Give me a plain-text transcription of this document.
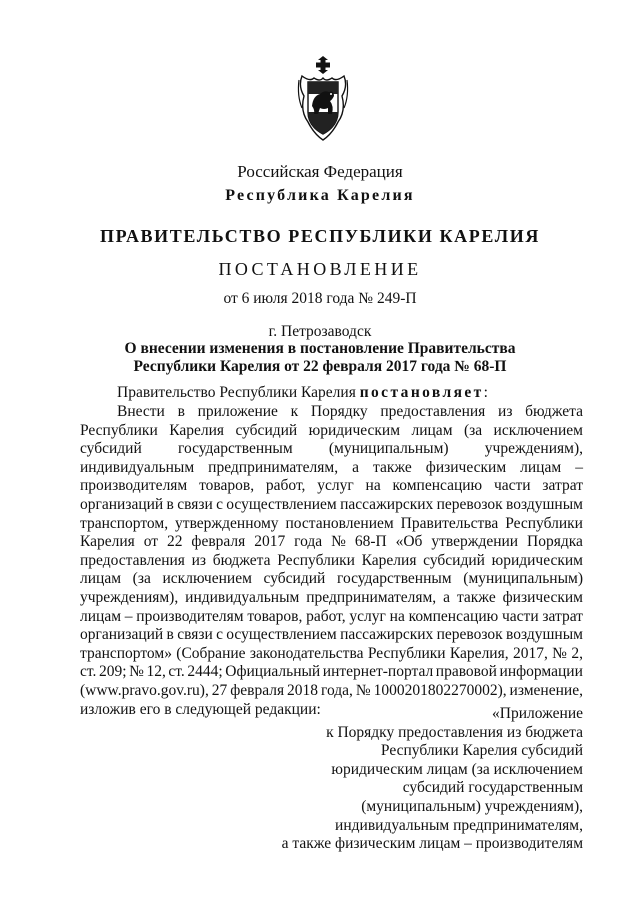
Российская Федерация
Республика Карелия
ПРАВИТЕЛЬСТВО РЕСПУБЛИКИ КАРЕЛИЯ
ПОСТАНОВЛЕНИЕ
от 6 июля 2018 года № 249-П
г. Петрозаводск
О внесении изменения в постановление Правительства
Республики Карелия от 22 февраля 2017 года № 68-П
Правительство Республики Карелия постановляет :
Внести в приложение к Порядку предоставления из бюджета
Республики Карелия субсидий юридическим лицам (за исключением
субсидий государственным (муниципальным) учреждениям),
индивидуальным предпринимателям, а также физическим лицам –
производителям товаров, работ, услуг на компенсацию части затрат
организаций в связи с осуществлением пассажирских перевозок воздушным
транспортом, утвержденному постановлением Правительства Республики
Карелия от 22 февраля 2017 года № 68-П «Об утверждении Порядка
предоставления из бюджета Республики Карелия субсидий юридическим
лицам (за исключением субсидий государственным (муниципальным)
учреждениям), индивидуальным предпринимателям, а также физическим
лицам – производителям товаров, работ, услуг на компенсацию части затрат
организаций в связи с осуществлением пассажирских перевозок воздушным
транспортом» (Собрание законодательства Республики Карелия, 2017, № 2,
ст. 209; № 12, ст. 2444; Официальный интернет-портал правовой информации
(www.pravo.gov.ru), 27 февраля 2018 года, № 1000201802270002), изменение,
изложив его в следующей редакции:	«Приложение
к Порядку предоставления из бюджета
Республики Карелия субсидий
юридическим лицам (за исключением
субсидий государственным
(муниципальным) учреждениям),
индивидуальным предпринимателям,
а также физическим лицам – производителям
